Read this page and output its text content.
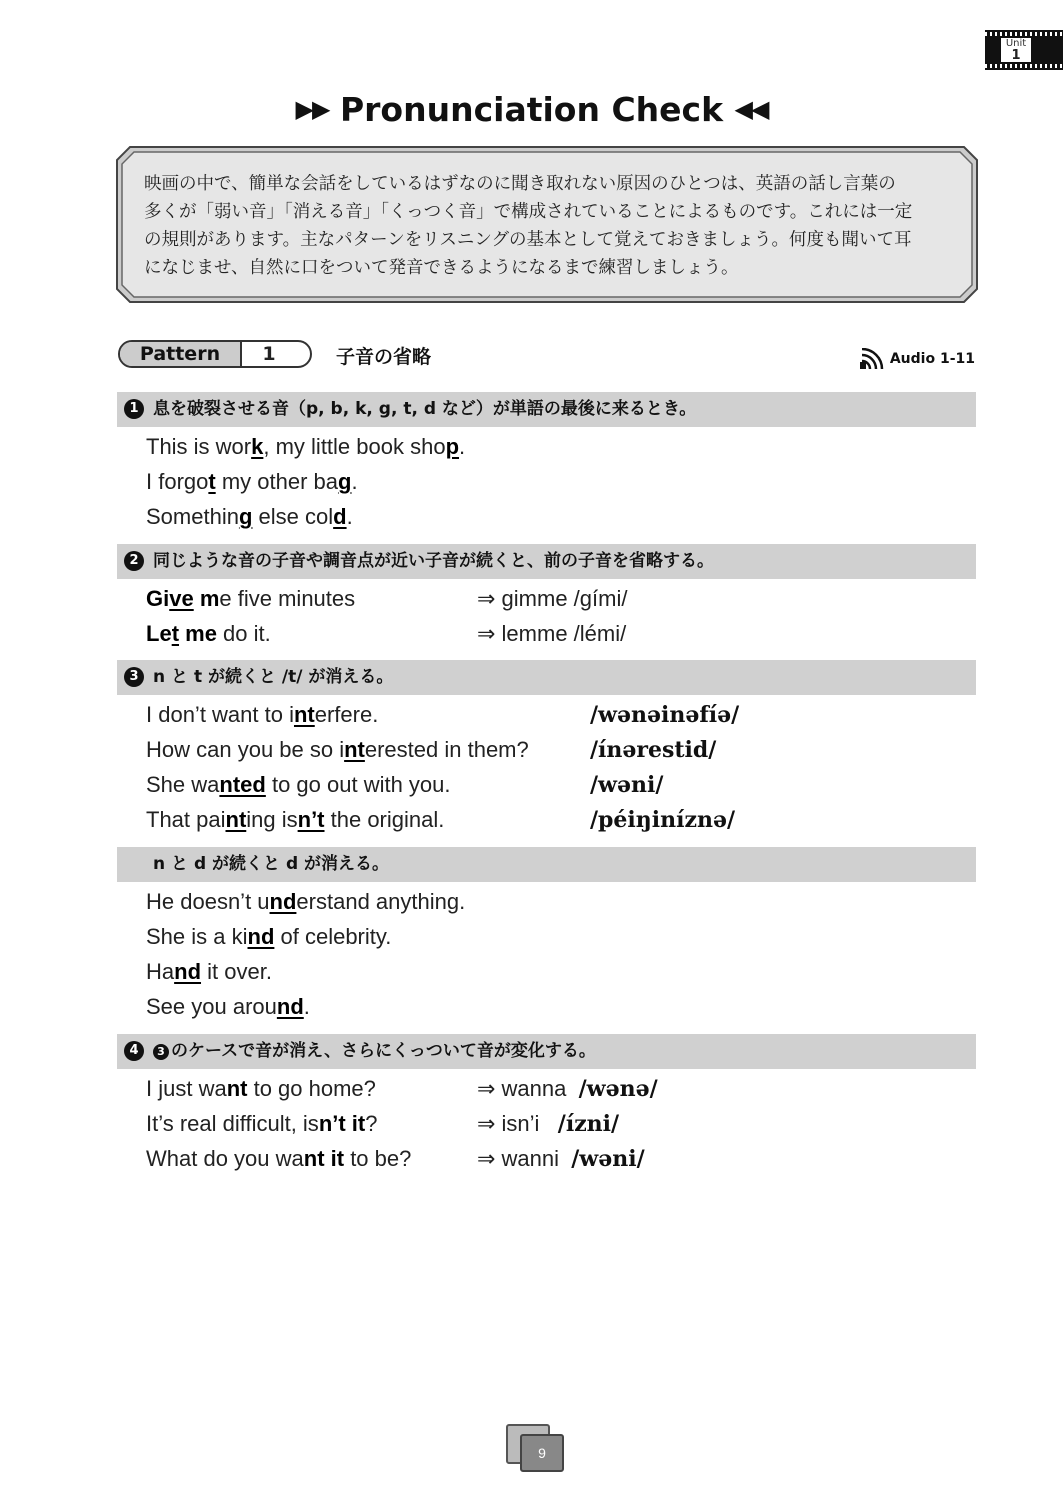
Unit
1
▶▶ Pronunciation Check ◀◀
映画の中で、簡単な会話をしているはずなのに聞き取れない原因のひとつは、英語の話し言葉の
多くが「弱い音」「消える音」「くっつく音」で構成されていることによるものです。これには一定
の規則があります。主なパターンをリスニングの基本として覚えておきましょう。何度も聞いて耳
になじませ、自然に口をついて発音できるようになるまで練習しましょう。
Pattern	1	子音の省略	Audio 1-11
1 息を破裂させる音（p, b, k, g, t, d など）が単語の最後に来るとき。
This is work, my little book shop.
I forgot my other bag.
Something else cold.
2 同じような音の子音や調音点が近い子音が続くと、前の子音を省略する。
Give me five minutes	⇒ gimme /gími/
Let me do it.	⇒ lemme /lémi/
3 n と t が続くと /t/ が消える。
I don’t want to interfere.	/wənəinəfíə/
How can you be so interested in them?	/ínərestid/
She wanted to go out with you.	/wəni/
That painting isn’t the original.	/péiŋiníznə/
n と d が続くと d が消える。
He doesn’t understand anything.
She is a kind of celebrity.
Hand it over.
See you around.
4 3 のケースで音が消え、さらにくっついて音が変化する。
I just want to go home?	⇒ wanna /wənə/
It’s real difficult, isn’t it?	⇒ isn’i /ízni/
What do you want it to be?	⇒ wanni /wəni/
9
